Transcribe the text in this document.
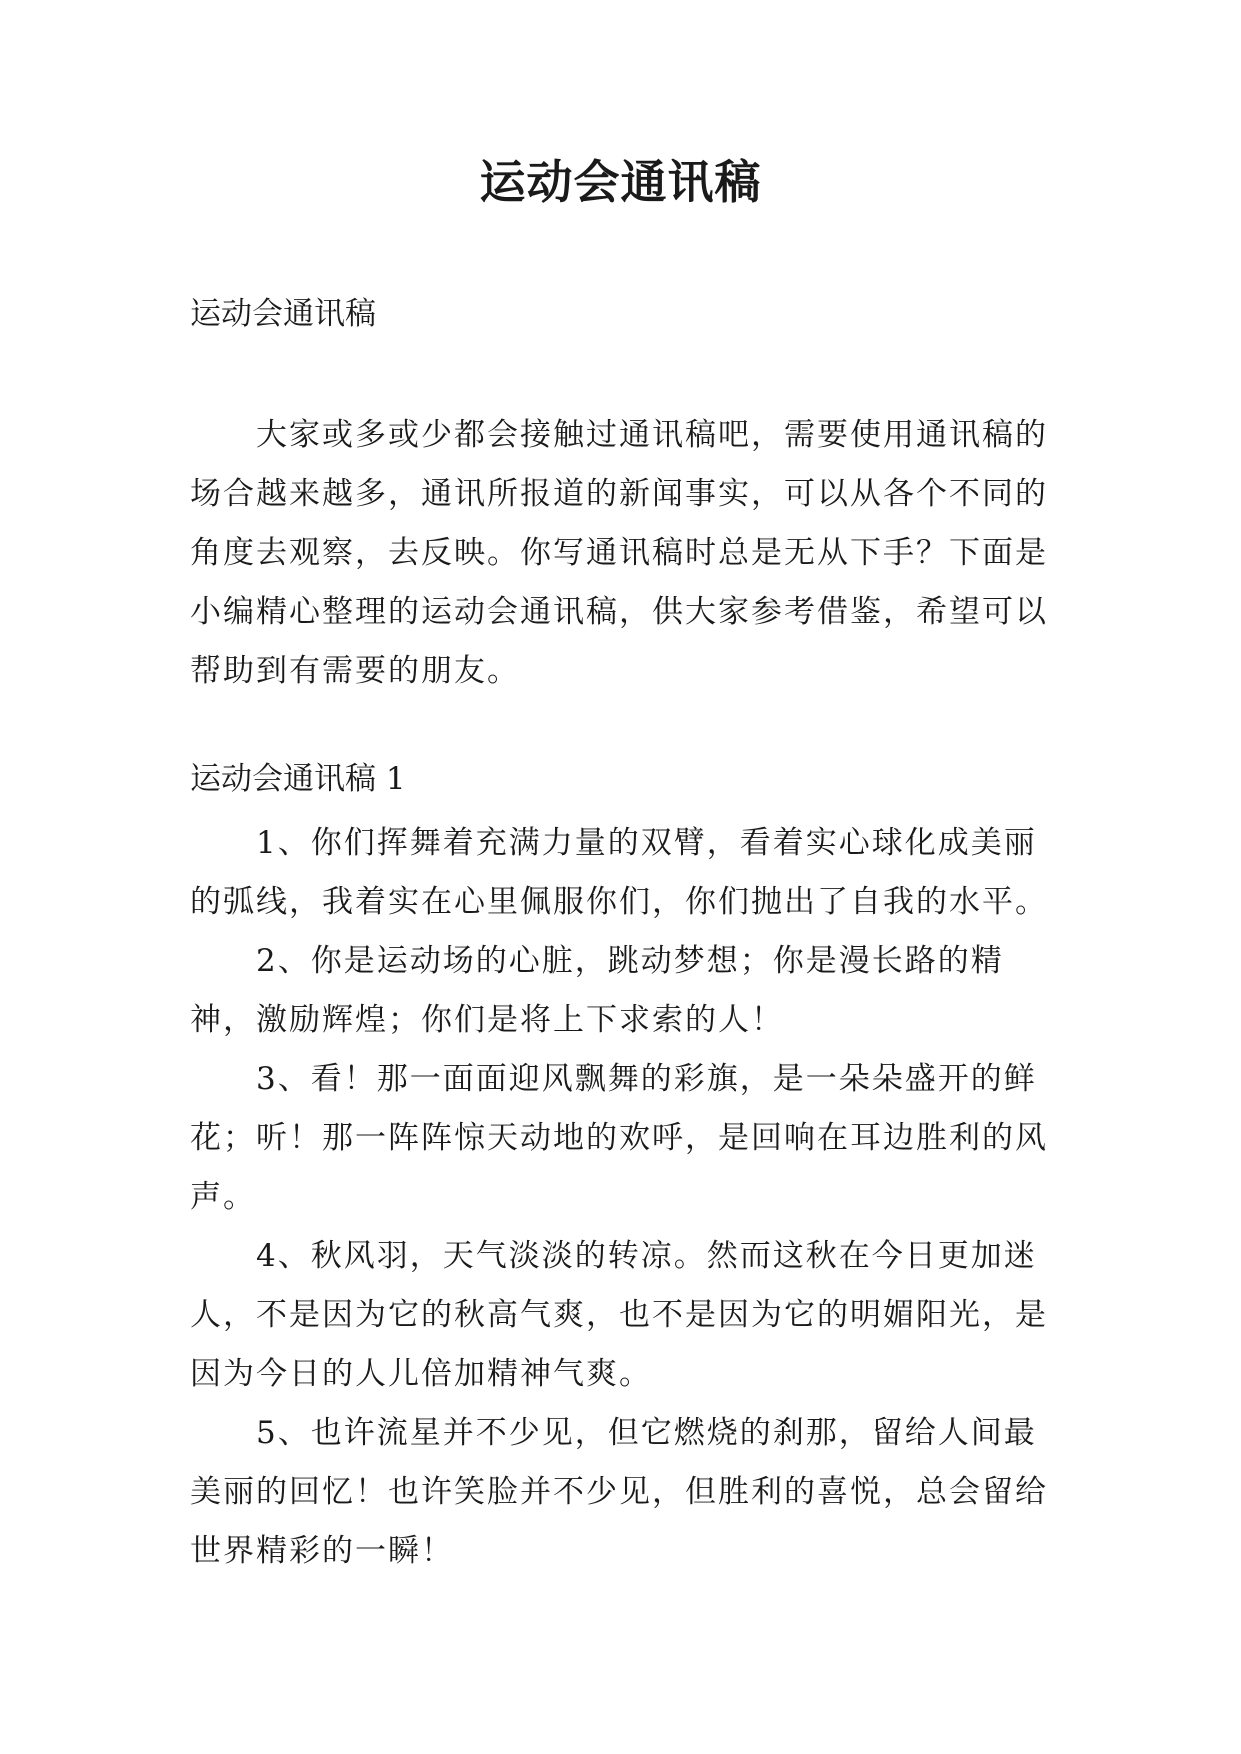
运动会通讯稿
运动会通讯稿

大家或多或少都会接触过通讯稿吧，需要使用通讯稿的场合越来越多，通讯所报道的新闻事实，可以从各个不同的角度去观察，去反映。你写通讯稿时总是无从下手？下面是小编精心整理的运动会通讯稿，供大家参考借鉴，希望可以帮助到有需要的朋友。

运动会通讯稿 1

1、你们挥舞着充满力量的双臂，看着实心球化成美丽的弧线，我着实在心里佩服你们，你们抛出了自我的水平。

2、你是运动场的心脏，跳动梦想；你是漫长路的精神，激励辉煌；你们是将上下求索的人！

3、看！那一面面迎风飘舞的彩旗，是一朵朵盛开的鲜花；听！那一阵阵惊天动地的欢呼，是回响在耳边胜利的风声。

4、秋风羽，天气淡淡的转凉。然而这秋在今日更加迷人，不是因为它的秋高气爽，也不是因为它的明媚阳光，是因为今日的人儿倍加精神气爽。

5、也许流星并不少见，但它燃烧的刹那，留给人间最美丽的回忆！也许笑脸并不少见，但胜利的喜悦，总会留给世界精彩的一瞬！
